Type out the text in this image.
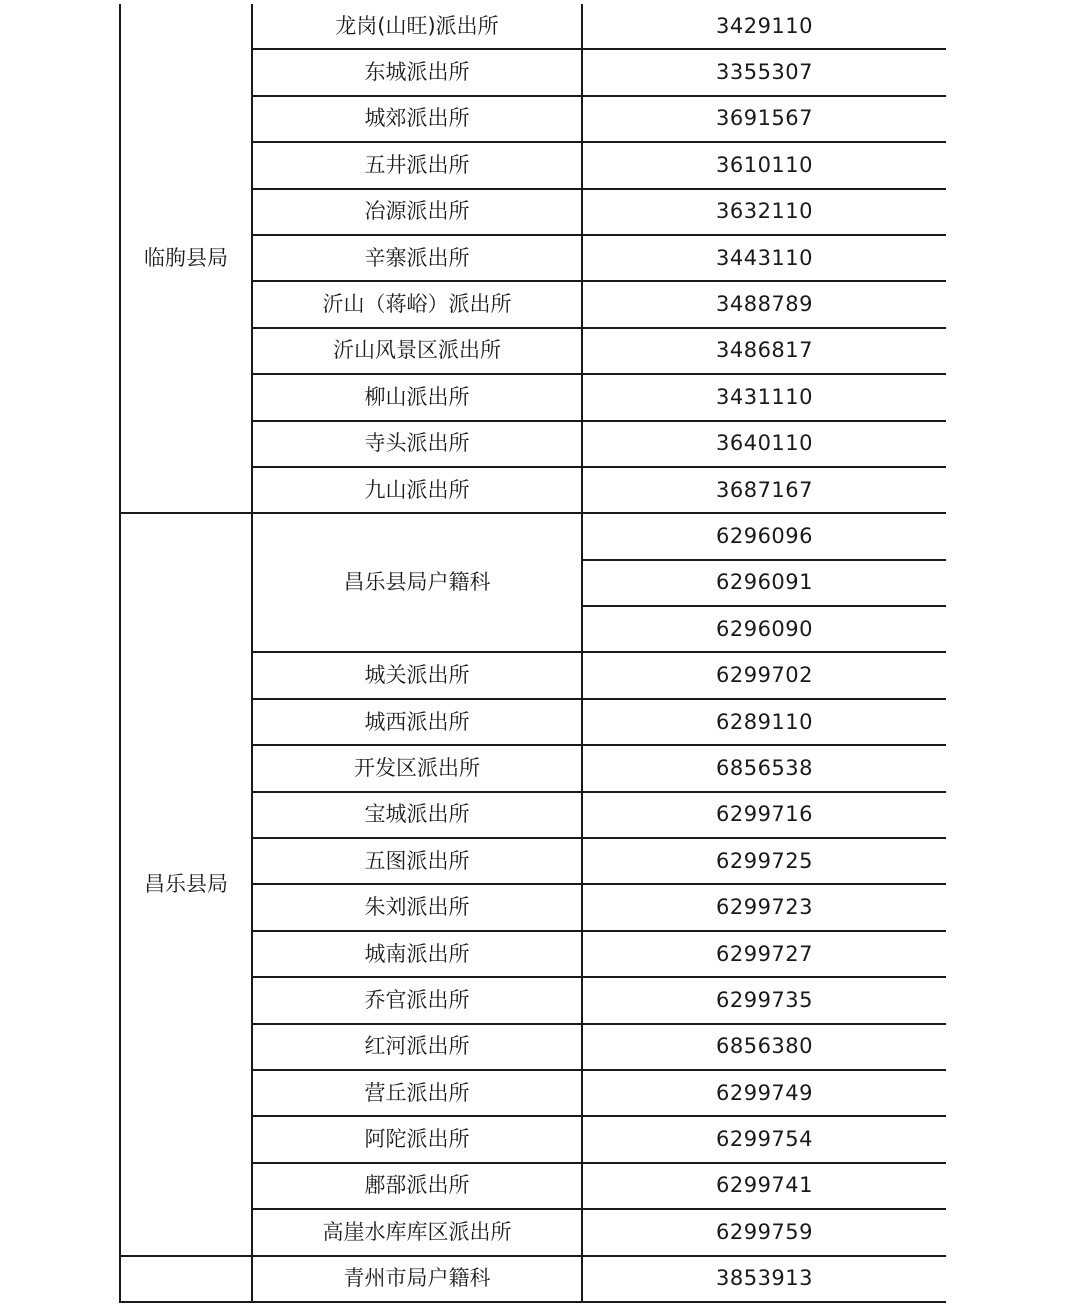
临朐县局	龙岗(山旺)派出所	3429110
	东城派出所	3355307
	城郊派出所	3691567
	五井派出所	3610110
	冶源派出所	3632110
	辛寨派出所	3443110
	沂山（蒋峪）派出所	3488789
	沂山风景区派出所	3486817
	柳山派出所	3431110
	寺头派出所	3640110
	九山派出所	3687167
昌乐县局	昌乐县局户籍科	6296096
		6296091
		6296090
	城关派出所	6299702
	城西派出所	6289110
	开发区派出所	6856538
	宝城派出所	6299716
	五图派出所	6299725
	朱刘派出所	6299723
	城南派出所	6299727
	乔官派出所	6299735
	红河派出所	6856380
	营丘派出所	6299749
	阿陀派出所	6299754
	鄌郚派出所	6299741
	高崖水库库区派出所	6299759
	青州市局户籍科	3853913
